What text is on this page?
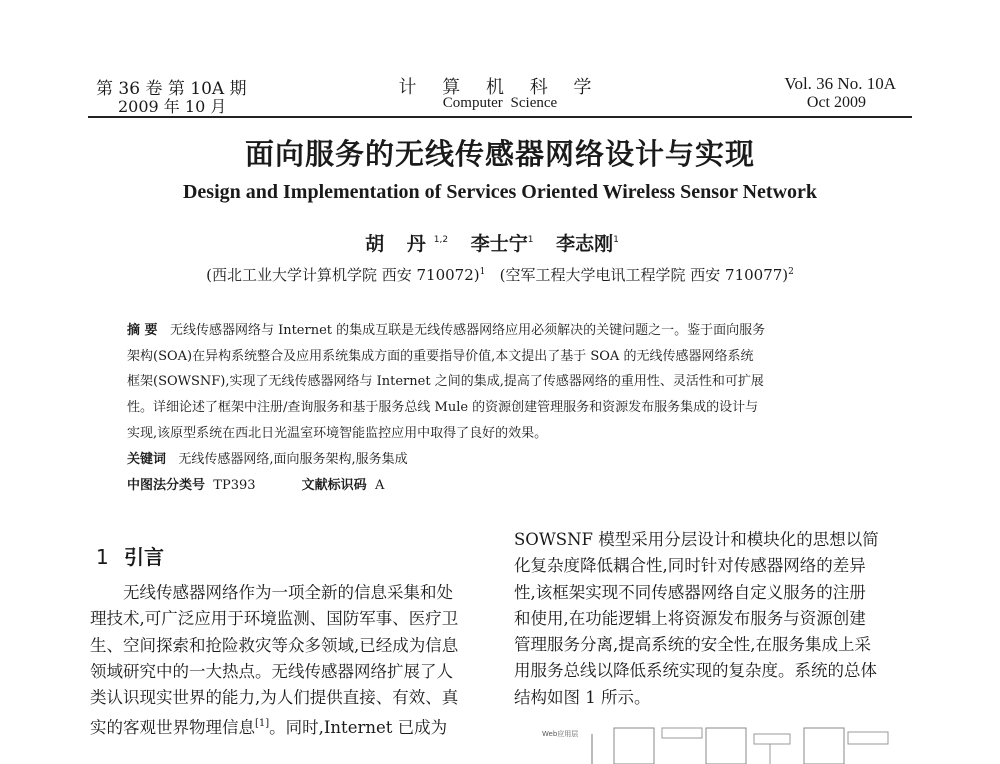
第 36 卷 第 10A 期
2009 年 10 月
计 算 机 科 学
Computer Science
Vol. 36 No. 10A
Oct 2009
面向服务的无线传感器网络设计与实现
Design and Implementation of Services Oriented Wireless Sensor Network
胡 丹$^{1,2}$ 李士宁$^1$ 李志刚$^1$
(西北工业大学计算机学院 西安 710072)$^1$ (空军工程大学电讯工程学院 西安 710077)$^2$
摘 要 无线传感器网络与 Internet 的集成互联是无线传感器网络应用必须解决的关键问题之一。鉴于面向服务
架构(SOA)在异构系统整合及应用系统集成方面的重要指导价值,本文提出了基于 SOA 的无线传感器网络系统
框架(SOWSNF),实现了无线传感器网络与 Internet 之间的集成,提高了传感器网络的重用性、灵活性和可扩展
性。详细论述了框架中注册/查询服务和基于服务总线 Mule 的资源创建管理服务和资源发布服务集成的设计与
实现,该原型系统在西北日光温室环境智能监控应用中取得了良好的效果。
关键词 无线传感器网络,面向服务架构,服务集成
中图法分类号 TP393	文献标识码 A
1 引言
　　无线传感器网络作为一项全新的信息采集和处
理技术,可广泛应用于环境监测、国防军事、医疗卫
生、空间探索和抢险救灾等众多领域,已经成为信息
领域研究中的一大热点。无线传感器网络扩展了人
类认识现实世界的能力,为人们提供直接、有效、真
实的客观世界物理信息[1]。同时,Internet 已成为
SOWSNF 模型采用分层设计和模块化的思想以简
化复杂度降低耦合性,同时针对传感器网络的差异
性,该框架实现不同传感器网络自定义服务的注册
和使用,在功能逻辑上将资源发布服务与资源创建
管理服务分离,提高系统的安全性,在服务集成上采
用服务总线以降低系统实现的复杂度。系统的总体
结构如图 1 所示。
Web应用层
